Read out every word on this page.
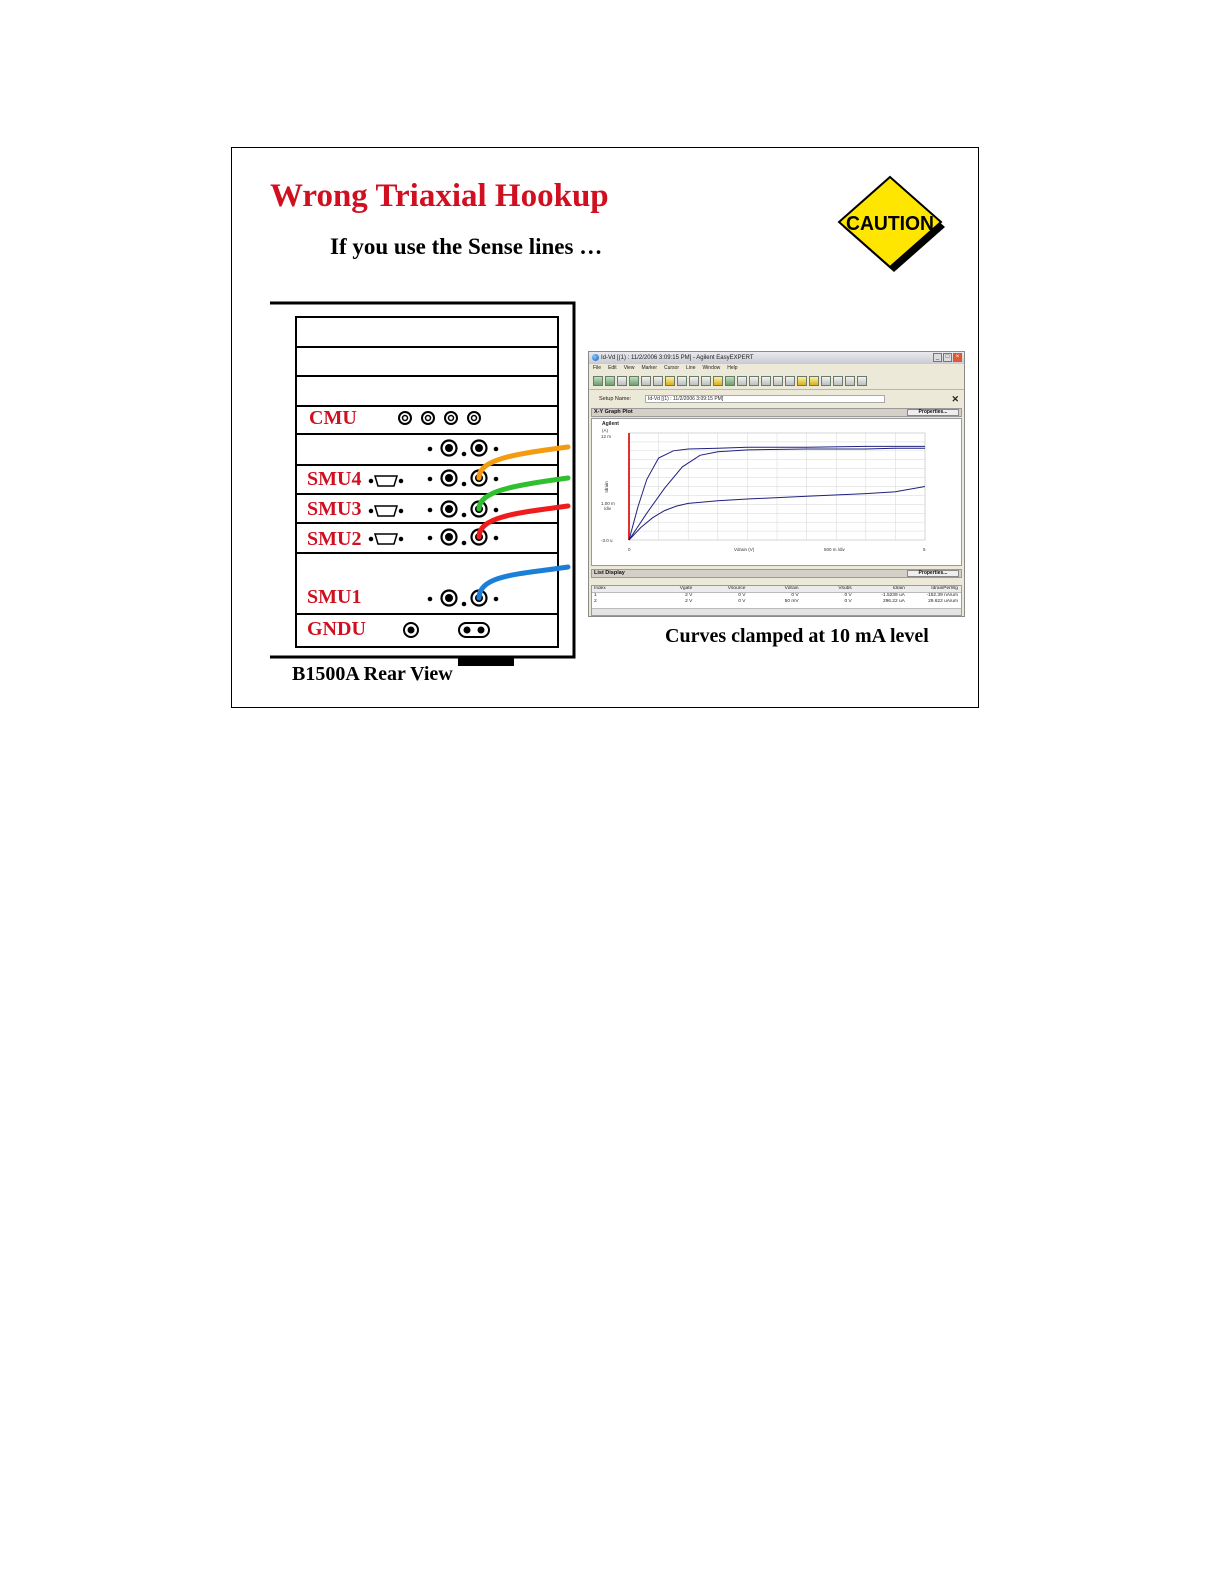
Wrong Triaxial Hookup
If you use the Sense lines …
CAUTION
CMU
SMU4
SMU3
SMU2
SMU1
GNDU
B1500A Rear View
Id-Vd [(1) : 11/2/2006 3:09:15 PM] - Agilent EasyEXPERT	_	□	×
File Edit View Marker Cursor Line Window Help
Setup Name:	Id-Vd [(1) : 11/2/2006 3:09:15 PM]	✕
X-Y Graph Plot	Properties...
Agilent
(A)
12 m
1.00 m
/div
-3.0 u
Idrain
0	Vdrain (V)	500 m /div	5
List Display	Properties...
Index	Vgate	Vsource	Vdrain	Vsubs	Idrain	IdrainPerWg
1	2 V	0 V	0 V	0 V	-1.5239 uA	-152.39 nA/um
2	2 V	0 V	50 mV	0 V	296.22 uA	29.622 uA/um
Curves clamped at 10 mA level
